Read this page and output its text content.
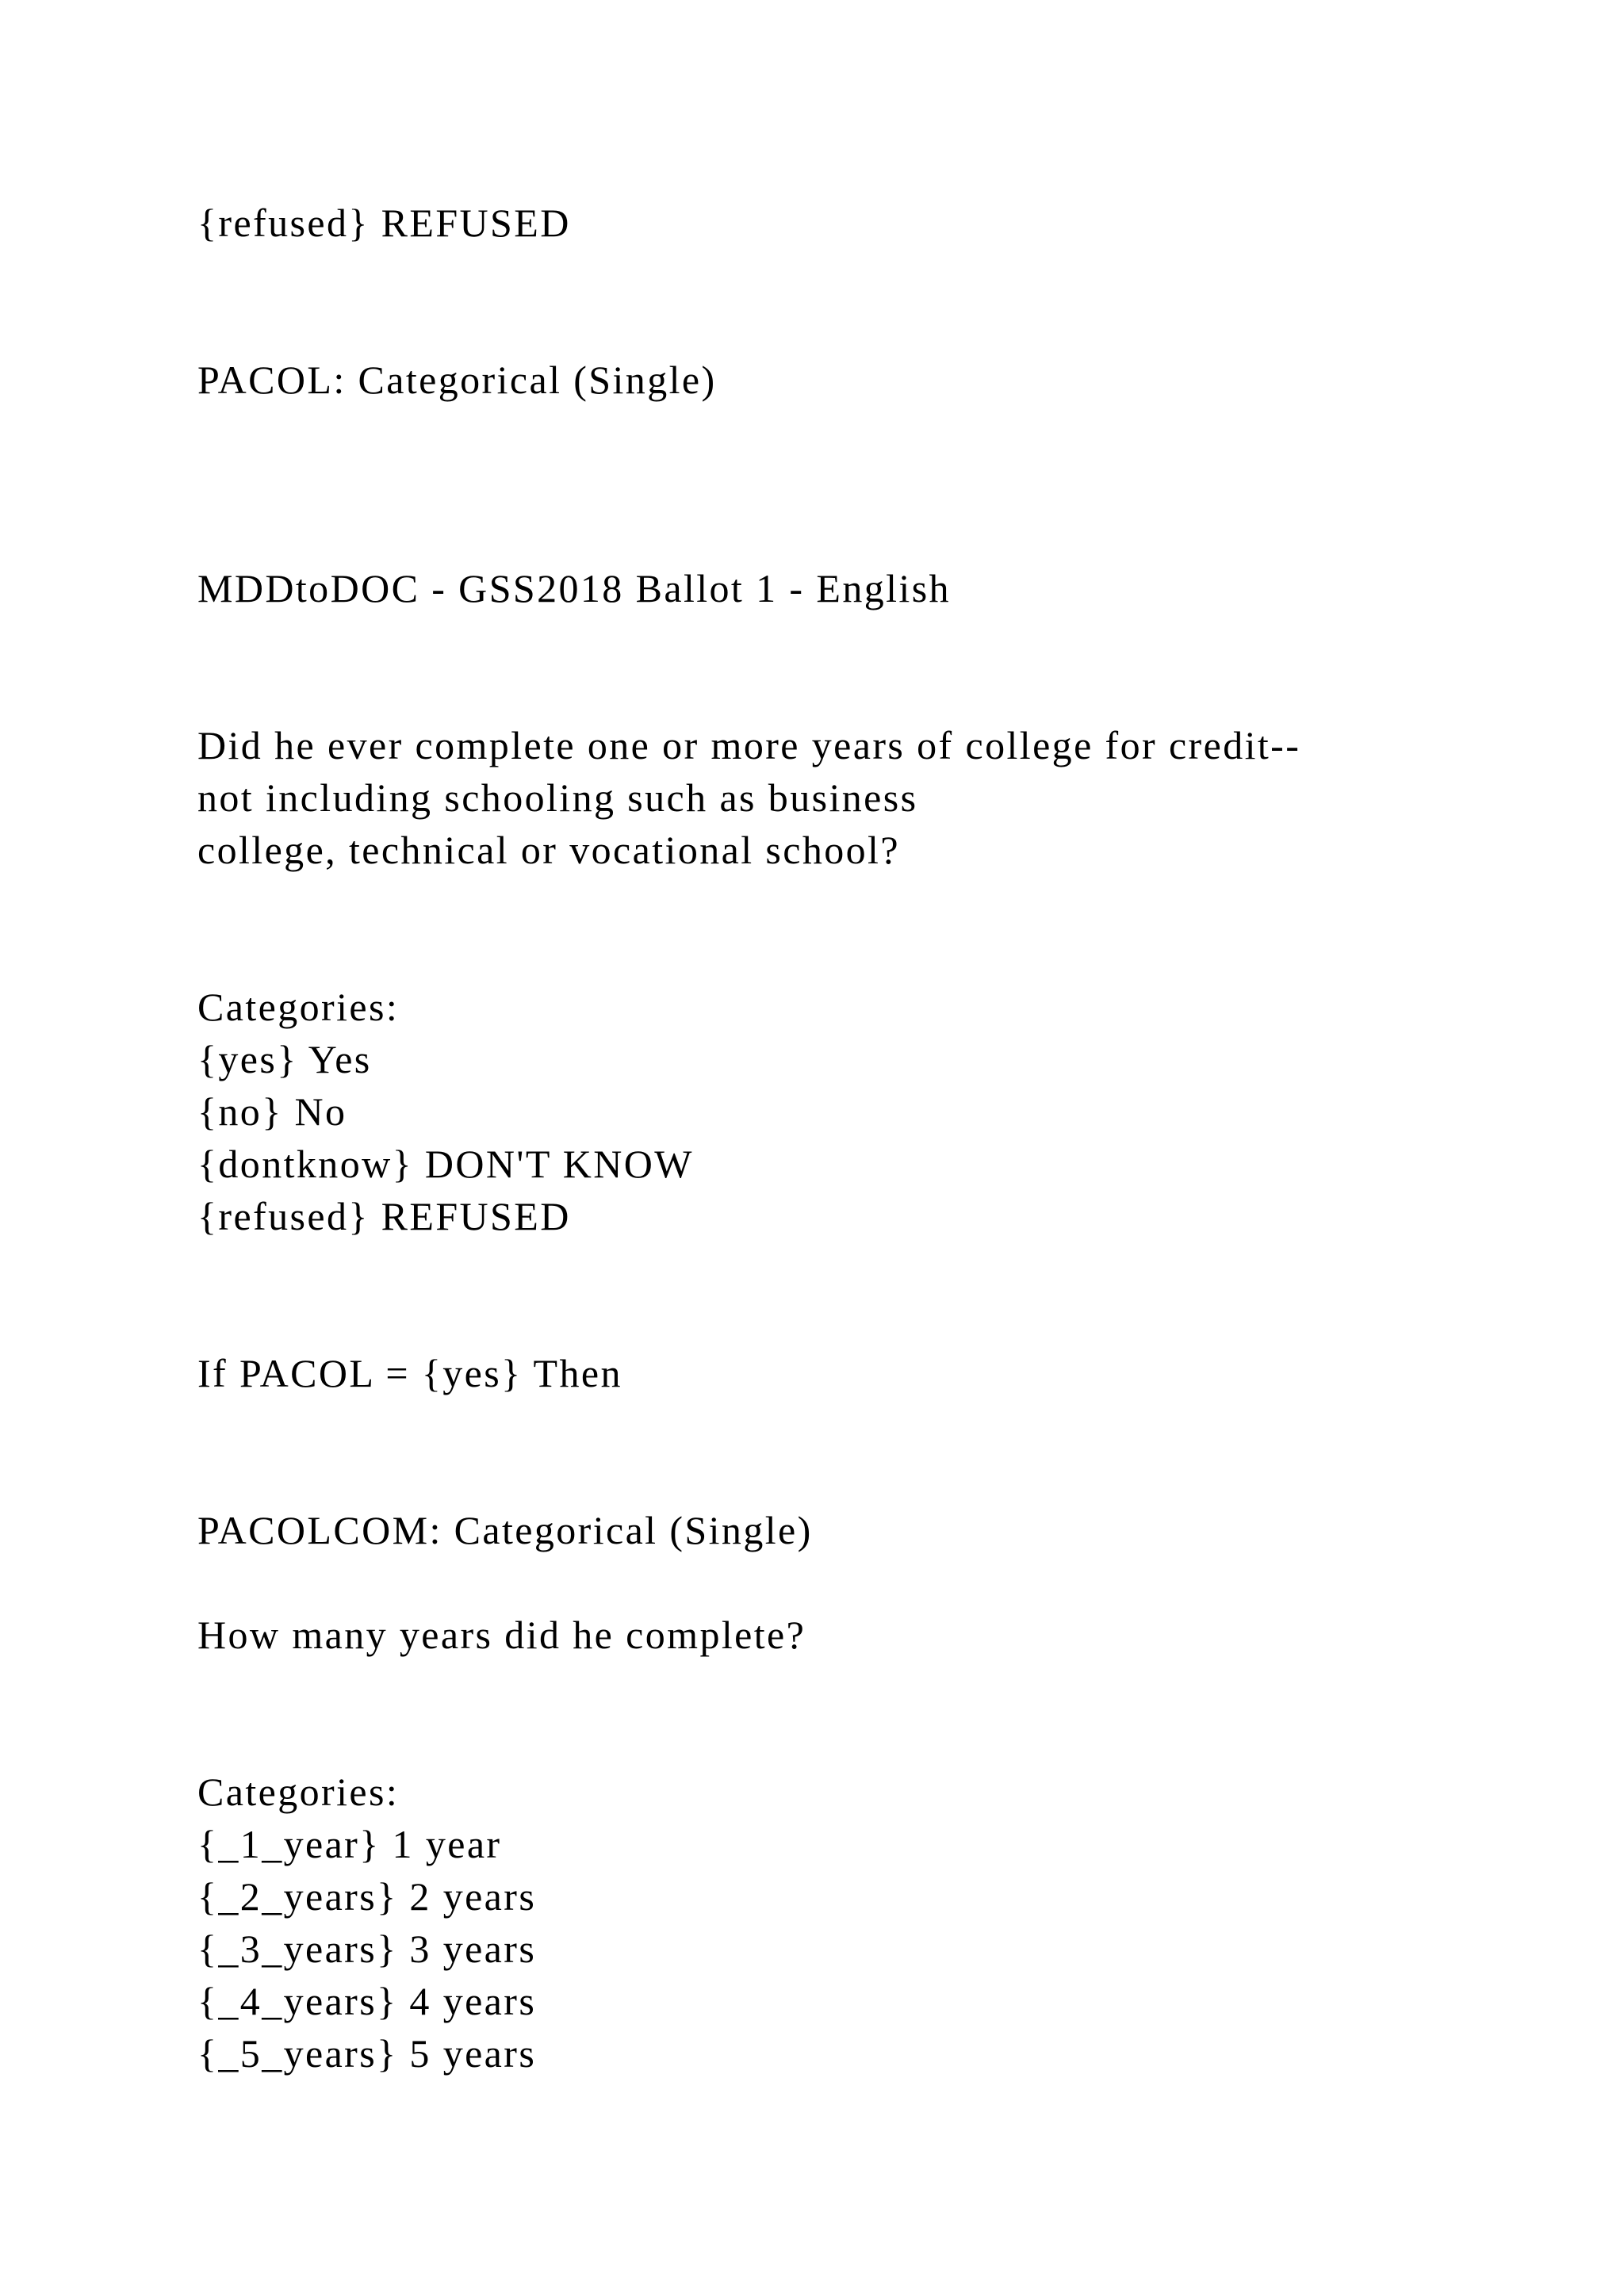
{refused} REFUSED
PACOL: Categorical (Single)
MDDtoDOC - GSS2018 Ballot 1 - English
Did he ever complete one or more years of college for credit--
not including schooling such as business
college, technical or vocational school?
Categories:
{yes} Yes
{no} No
{dontknow} DON'T KNOW
{refused} REFUSED
If PACOL = {yes} Then
PACOLCOM: Categorical (Single)
How many years did he complete?
Categories:
{_1_year} 1 year
{_2_years} 2 years
{_3_years} 3 years
{_4_years} 4 years
{_5_years} 5 years
